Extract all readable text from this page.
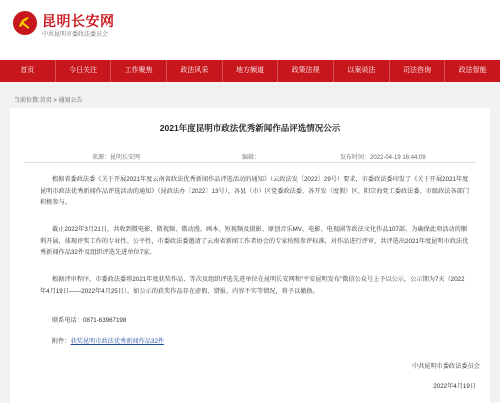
昆明长安网
中共昆明市委政法委员会
首页	今日关注	工作聚焦	政法风采	地方频道	政策法规	以案说法	司法咨询	政法智能
当前位置:首页 > 通知公告
2021年度昆明市政法优秀新闻作品评选情况公示
来源：昆明长安网	编辑：	发布时间：2022-04-19 16:44:09

根据省委政法委《关于开展2021年度云南省政法优秀新闻作品评选活动的通知》（云政法发〔2022〕29号）要求，市委政法委印发了《关于开展2021年度昆明市政法优秀新闻作品评选活动的通知》（昆政法办〔2022〕13号），各县（市）区党委政法委、各开发（度假）区、阳宗海党工委政法委、市级政法各部门积极参与。

截止2022年3月21日，共收到微电影、微视频、微动漫、画本、短视频及摄影、原创音乐MV、电影、电视剧等政法文化作品107部。为确保此项活动的顺利开展，体现评奖工作的专业性、公平性，市委政法委邀请了云南省新闻工作者协会的专家按照参评标准，对作品进行评审，共评选出2021年度昆明市政法优秀新闻作品32件及组织评选先进单位7家。

根据评审程序，市委政法委将2021年度获奖作品、等次及组织评选先进单位在昆明长安网和“平安昆明发布”微信公众号上予以公示，公示期为7天（2022年4月19日——2022年4月25日）。如公示的获奖作品存在虚假、错报、内容不实等情况，将予以撤换。

联系电话：0871-63967198
附件：获奖昆明市政法优秀新闻作品32件
中共昆明市委政法委员会
2022年4月19日
